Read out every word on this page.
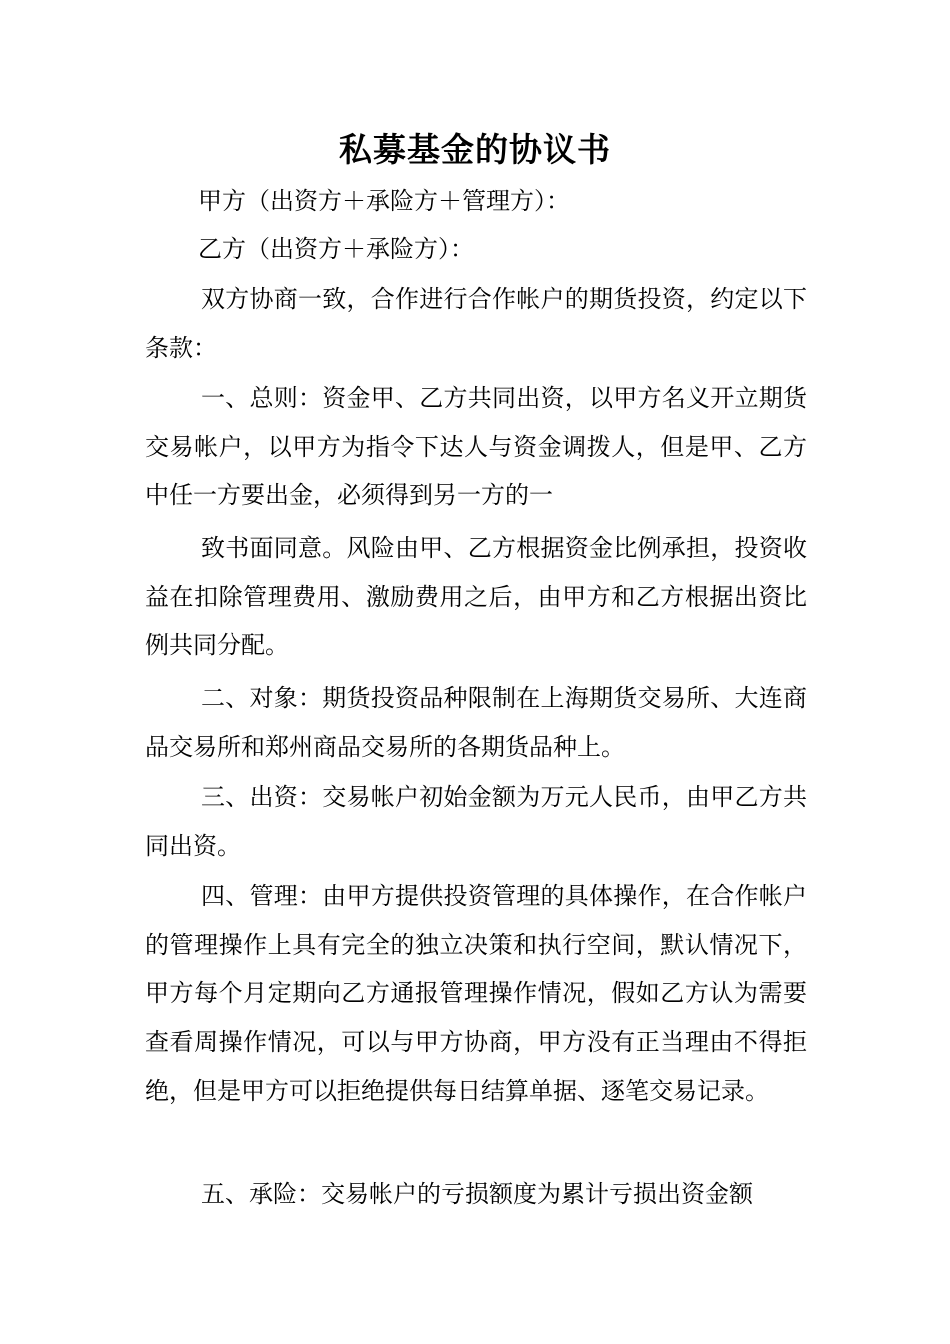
私募基金的协议书

甲方（出资方＋承险方＋管理方）：

乙方（出资方＋承险方）：

双方协商一致，合作进行合作帐户的期货投资，约定以下条款：

一、总则：资金甲、乙方共同出资，以甲方名义开立期货交易帐户，以甲方为指令下达人与资金调拨人，但是甲、乙方中任一方要出金，必须得到另一方的一

致书面同意。风险由甲、乙方根据资金比例承担，投资收益在扣除管理费用、激励费用之后，由甲方和乙方根据出资比例共同分配。

二、对象：期货投资品种限制在上海期货交易所、大连商品交易所和郑州商品交易所的各期货品种上。

三、出资：交易帐户初始金额为万元人民币，由甲乙方共同出资。

四、管理：由甲方提供投资管理的具体操作，在合作帐户的管理操作上具有完全的独立决策和执行空间，默认情况下，甲方每个月定期向乙方通报管理操作情况，假如乙方认为需要查看周操作情况，可以与甲方协商，甲方没有正当理由不得拒绝，但是甲方可以拒绝提供每日结算单据、逐笔交易记录。

五、承险：交易帐户的亏损额度为累计亏损出资金额
